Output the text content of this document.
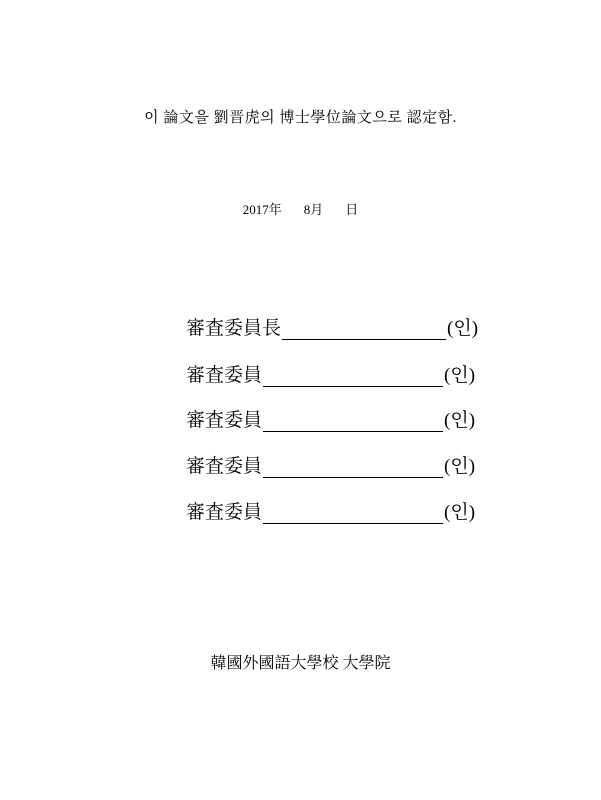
이 論文을 劉晋虎의 博士學位論文으로 認定함.
2017年 8月 日
審査委員長	(인)
審査委員	(인)
審査委員	(인)
審査委員	(인)
審査委員	(인)
韓國外國語大學校 大學院
